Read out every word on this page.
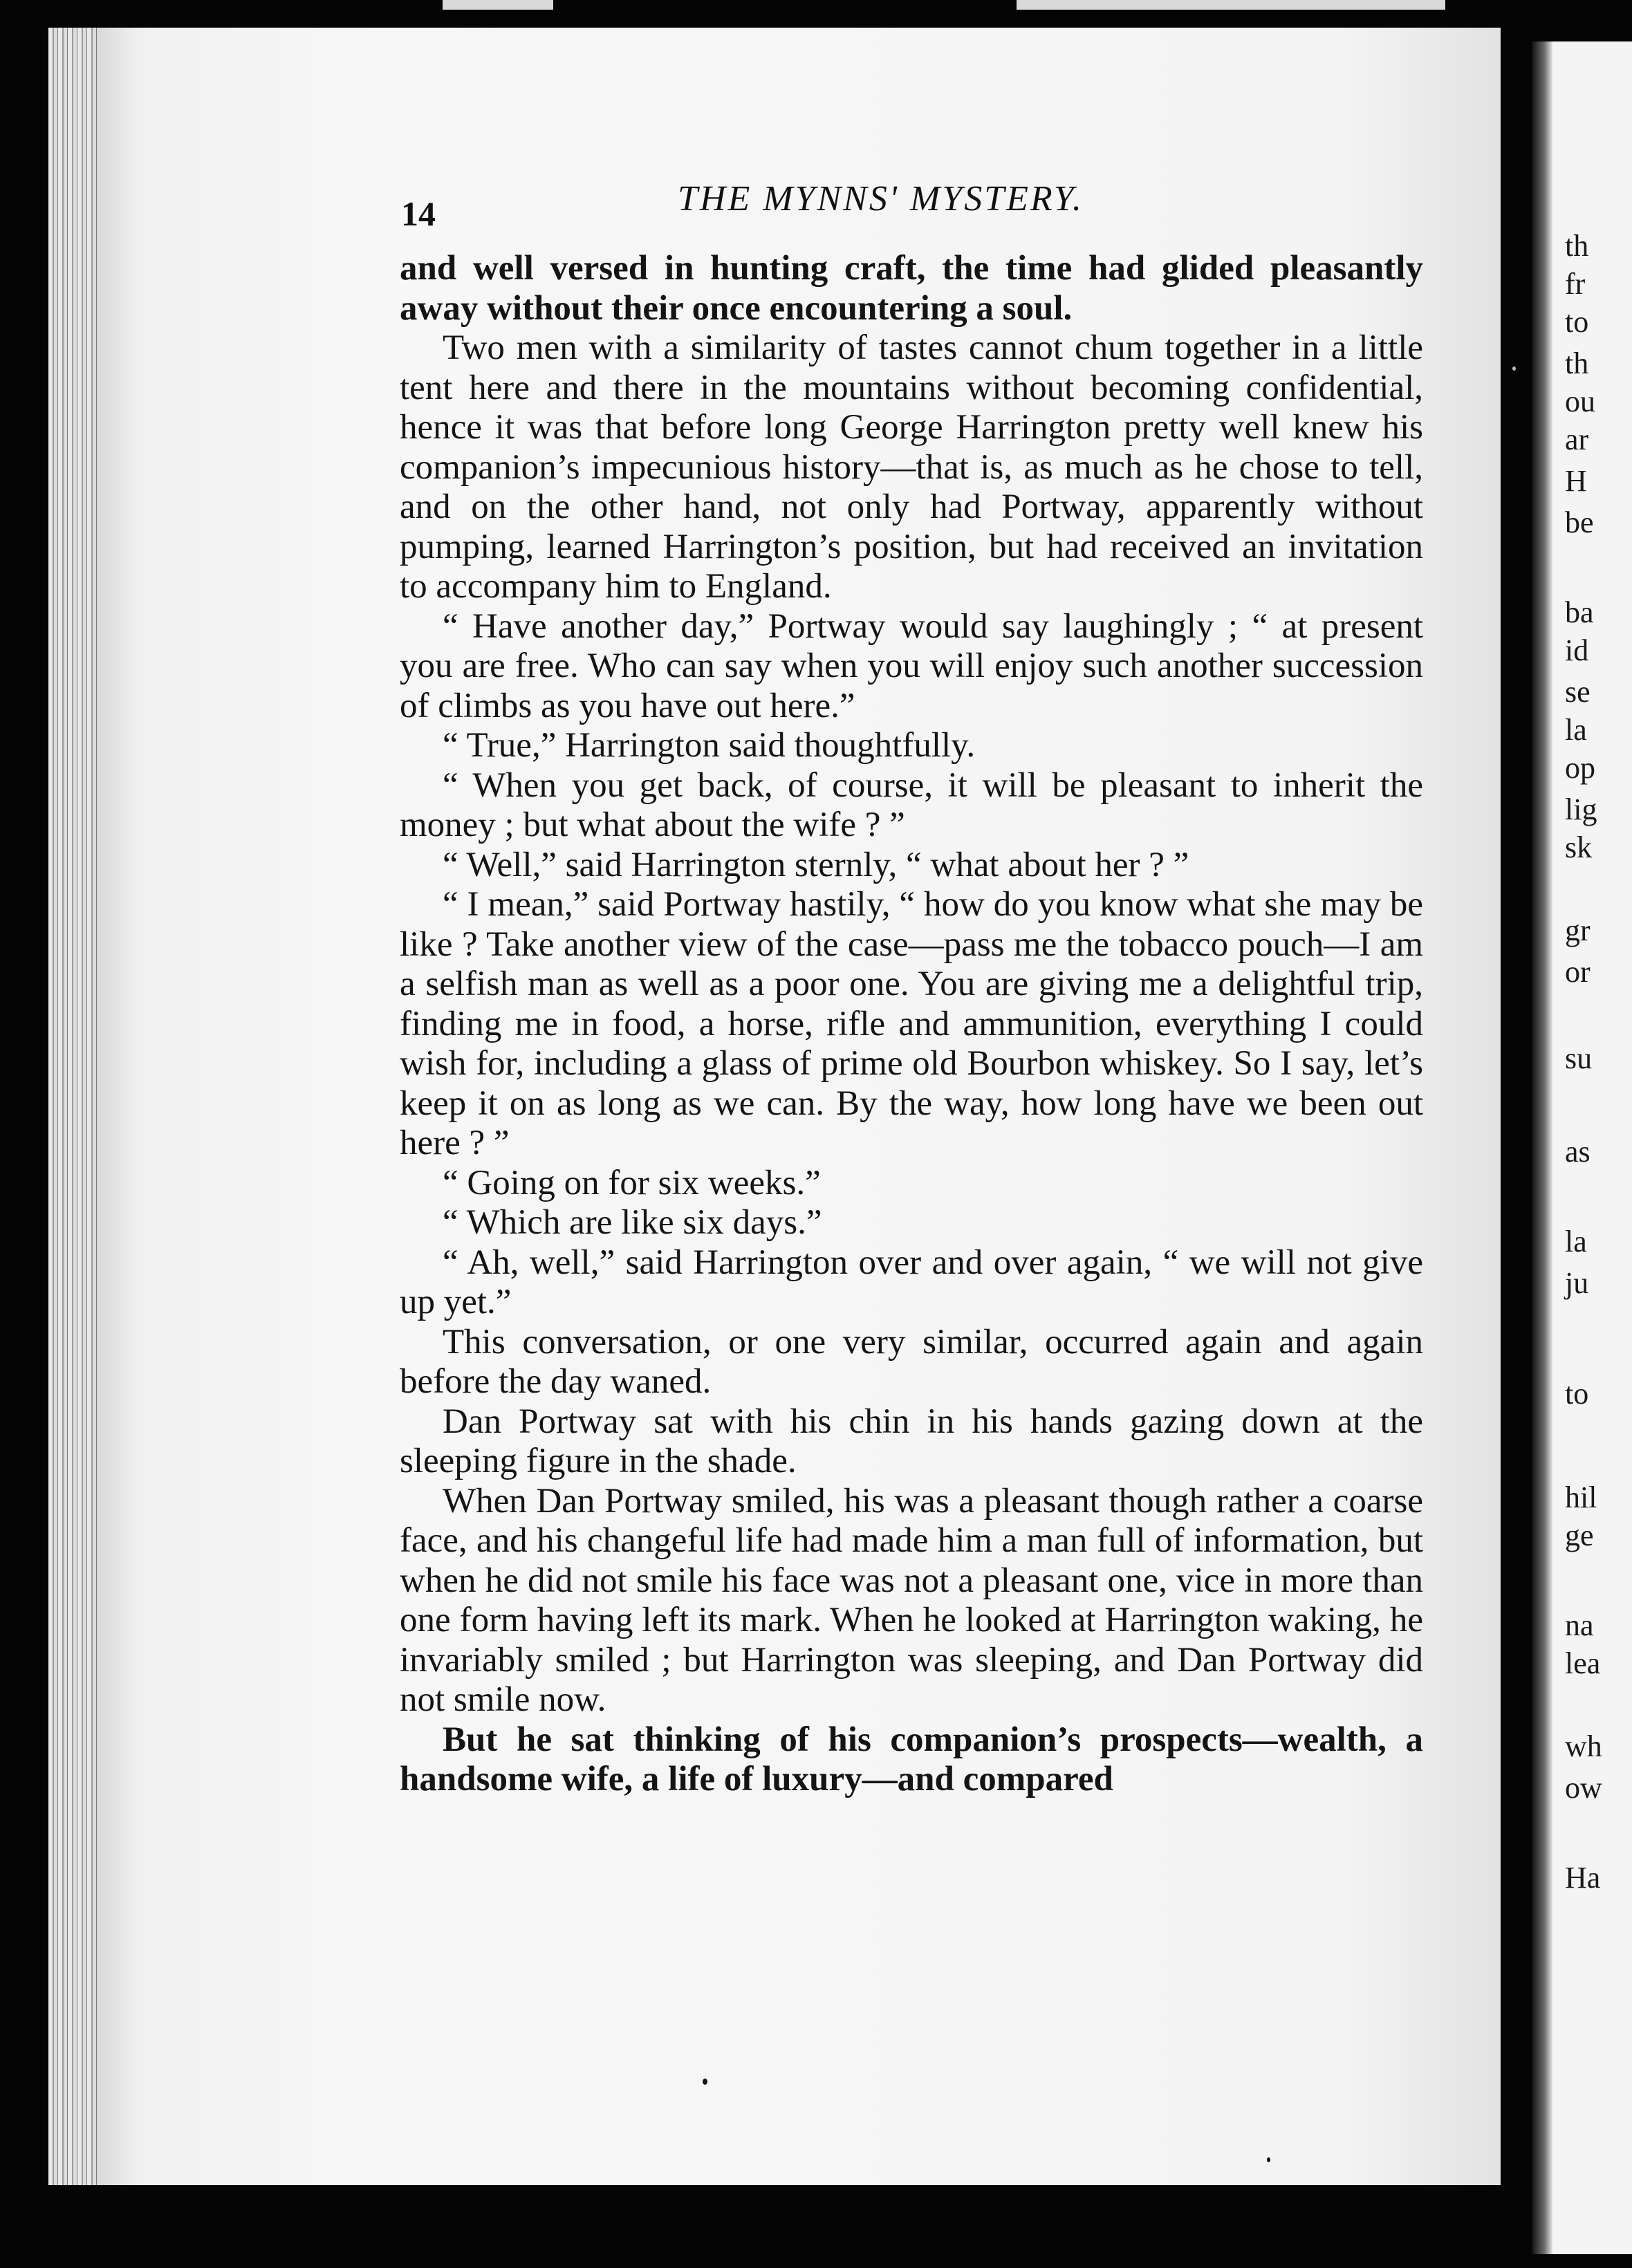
14	THE MYNNS' MYSTERY.

and well versed in hunting craft, the time had glided pleasantly away without their once encountering a soul.

Two men with a similarity of tastes cannot chum together in a little tent here and there in the mountains without becoming confidential, hence it was that before long George Harrington pretty well knew his companion’s impecunious history—that is, as much as he chose to tell, and on the other hand, not only had Portway, apparently without pumping, learned Harrington’s position, but had received an invitation to accompany him to England.

“ Have another day,” Portway would say laughingly ; “ at present you are free. Who can say when you will enjoy such another succession of climbs as you have out here.”

“ True,” Harrington said thoughtfully.

“ When you get back, of course, it will be pleasant to inherit the money ; but what about the wife ? ”

“ Well,” said Harrington sternly, “ what about her ? ”

“ I mean,” said Portway hastily, “ how do you know what she may be like ? Take another view of the case—pass me the tobacco pouch—I am a selfish man as well as a poor one. You are giving me a delightful trip, finding me in food, a horse, rifle and ammunition, everything I could wish for, including a glass of prime old Bourbon whiskey. So I say, let’s keep it on as long as we can. By the way, how long have we been out here ? ”

“ Going on for six weeks.”

“ Which are like six days.”

“ Ah, well,” said Harrington over and over again, “ we will not give up yet.”

This conversation, or one very similar, occurred again and again before the day waned.

Dan Portway sat with his chin in his hands gazing down at the sleeping figure in the shade.

When Dan Portway smiled, his was a pleasant though rather a coarse face, and his changeful life had made him a man full of information, but when he did not smile his face was not a pleasant one, vice in more than one form having left its mark. When he looked at Harrington waking, he invariably smiled ; but Harrington was sleeping, and Dan Portway did not smile now.

But he sat thinking of his companion’s prospects—wealth, a handsome wife, a life of luxury—and compared

th
fr
to
th
ou
ar
H
be
ba
id
se
la
op
lig
sk
gr
or
su
as
la
ju
to
hil
ge
na
lea
wh
ow
Ha
